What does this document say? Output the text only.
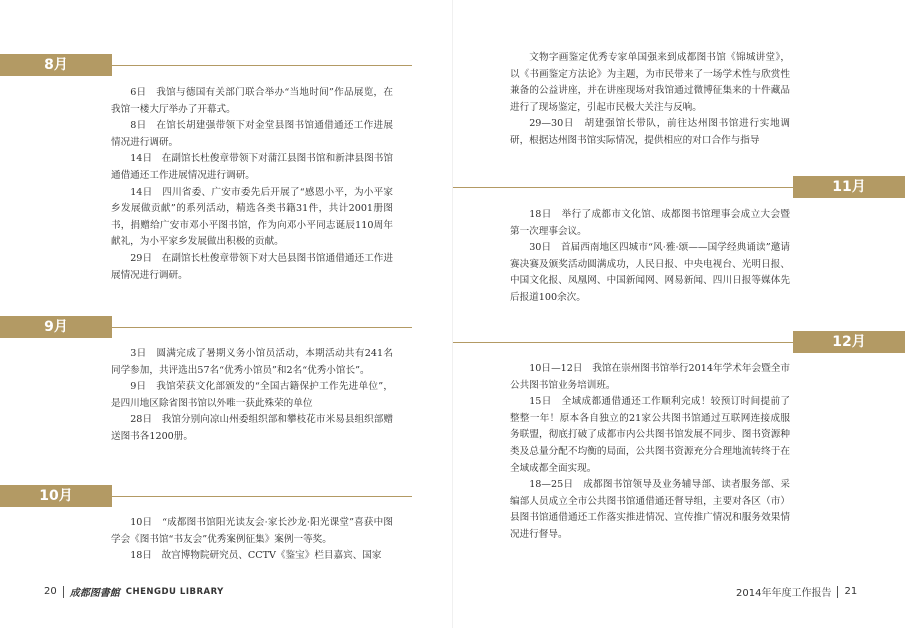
8月

6日　 我馆与德国有关部门联合举办“当地时间”作品展览，在我馆一楼大厅举办了开幕式。

8日　 在馆长胡建强带领下对金堂县图书馆通借通还工作进展情况进行调研。

14日　 在副馆长杜俊章带领下对蒲江县图书馆和新津县图书馆通借通还工作进展情况进行调研。

14日　 四川省委、广安市委先后开展了“感恩小平，为小平家乡发展做贡献”的系列活动，精选各类书籍31件，共计2001册图书，捐赠给广安市邓小平图书馆，作为向邓小平同志诞辰110周年献礼，为小平家乡发展做出积极的贡献。

29日　 在副馆长杜俊章带领下对大邑县图书馆通借通还工作进展情况进行调研。

9月

3日　 圆满完成了暑期义务小馆员活动，本期活动共有241名同学参加，共评选出57名“优秀小馆员”和2名“优秀小馆长”。

9日　 我馆荣获文化部颁发的“全国古籍保护工作先进单位”，是四川地区除省图书馆以外唯一获此殊荣的单位

28日　 我馆分别向凉山州委组织部和攀枝花市米易县组织部赠送图书各1200册。

10月

10日　 “成都图书馆阳光读友会·家长沙龙·阳光课堂”喜获中图学会《图书馆“书友会”优秀案例征集》案例一等奖。

18日　 故宫博物院研究员、CCTV《鉴宝》栏目嘉宾、国家

20 成都图書館 CHENGDU LIBRARY

文物字画鉴定优秀专家单国强来到成都图书馆《锦城讲堂》，以《书画鉴定方法论》为主题，为市民带来了一场学术性与欣赏性兼备的公益讲座，并在讲座现场对我馆通过微博征集来的十件藏品进行了现场鉴定，引起市民极大关注与反响。

29—30日　 胡建强馆长带队，前往达州图书馆进行实地调研，根据达州图书馆实际情况，提供相应的对口合作与指导

11月

18日　 举行了成都市文化馆、成都图书馆理事会成立大会暨第一次理事会议。

30日　 首届西南地区四城市“风·雅·颂——国学经典诵读”邀请赛决赛及颁奖活动圆满成功，人民日报、中央电视台、光明日报、中国文化报、凤凰网、中国新闻网、网易新闻、四川日报等媒体先后报道100余次。

12月

10日—12日　 我馆在崇州图书馆举行2014年学术年会暨全市公共图书馆业务培训班。

15日　 全域成都通借通还工作顺利完成！较预订时间提前了整整一年！原本各自独立的21家公共图书馆通过互联网连接成服务联盟，彻底打破了成都市内公共图书馆发展不同步、图书资源种类及总量分配不均衡的局面，公共图书资源充分合理地流转终于在全域成都全面实现。

18—25日　 成都图书馆领导及业务辅导部、读者服务部、采编部人员成立全市公共图书馆通借通还督导组，主要对各区（市）县图书馆通借通还工作落实推进情况、宣传推广情况和服务效果情况进行督导。

2014年年度工作报告 21
